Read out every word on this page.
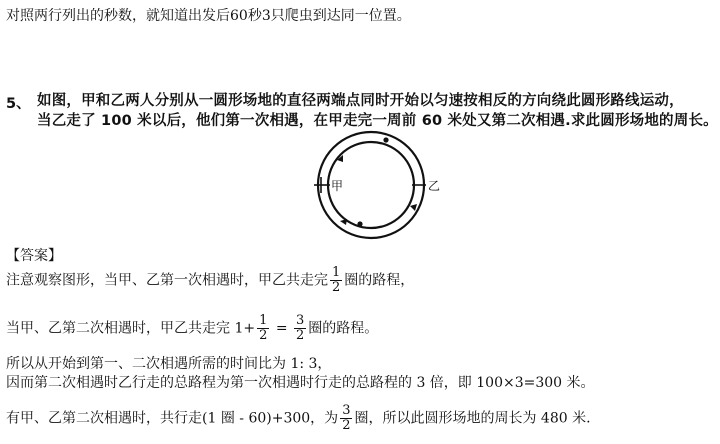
对照两行列出的秒数，就知道出发后60秒3只爬虫到达同一位置。
5、 如图，甲和乙两人分别从一圆形场地的直径两端点同时开始以匀速按相反的方向绕此圆形路线运动，
当乙走了 100 米以后，他们第一次相遇，在甲走完一周前 60 米处又第二次相遇.求此圆形场地的周长。
甲	乙
【答案】
注意观察图形，当甲、乙第一次相遇时，甲乙共走完 $\frac{1}{2}$ 圈的路程，
当甲、乙第二次相遇时，甲乙共走完 $1+ \frac{1}{2} = \frac{3}{2}$ 圈的路程。
所以从开始到第一、二次相遇所需的时间比为 1: 3，
因而第二次相遇时乙行走的总路程为第一次相遇时行走的总路程的 3 倍，即 100×3=300 米。
有甲、乙第二次相遇时，共行走(1 圈 - 60)+300，为 $\frac{3}{2}$ 圈，所以此圆形场地的周长为 480 米.
